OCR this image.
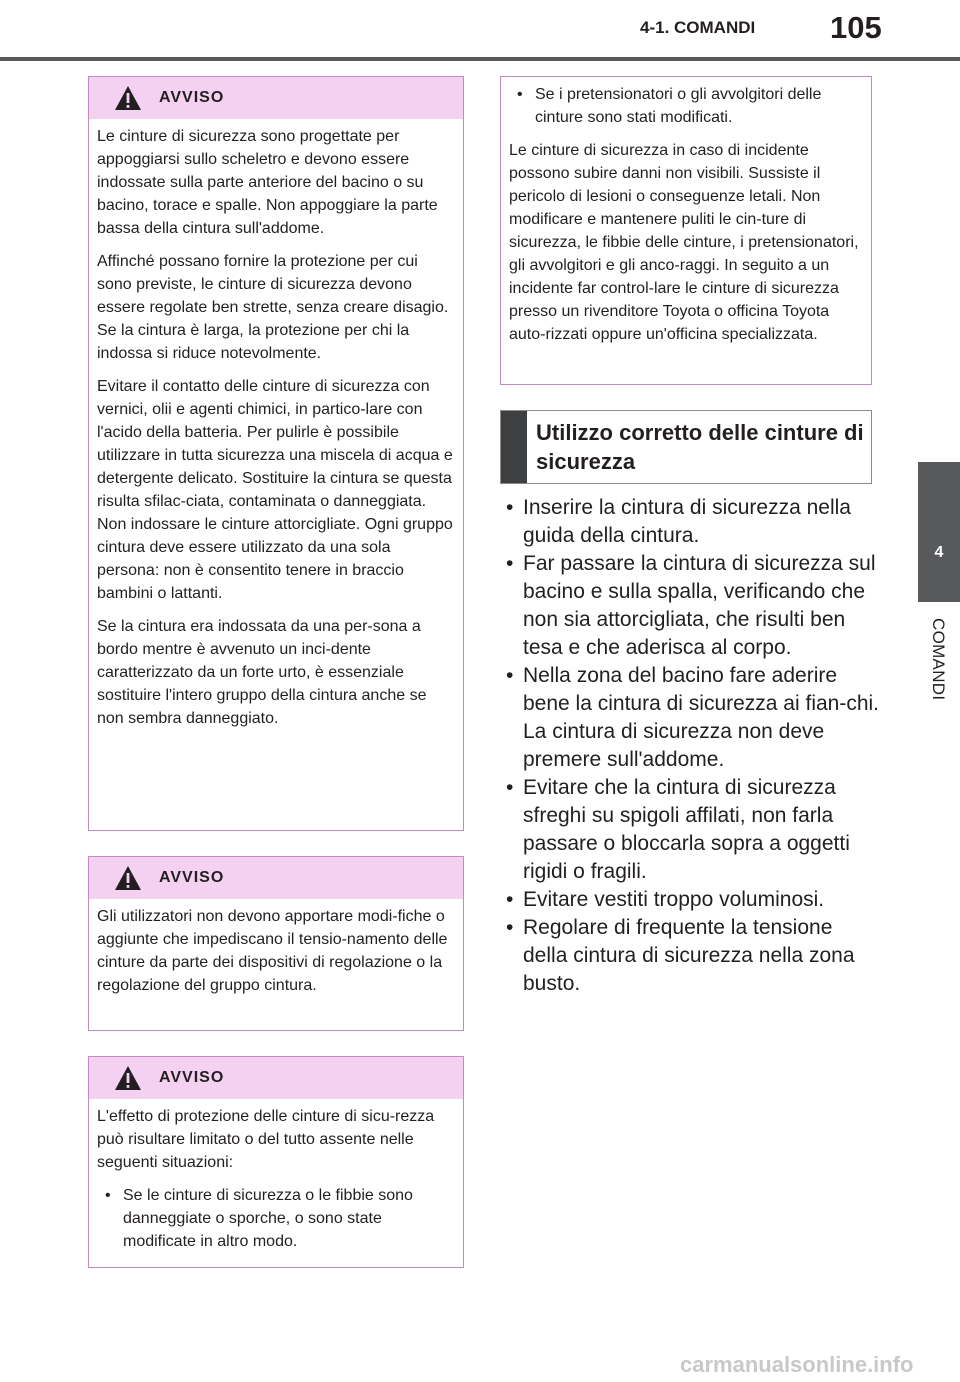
4-1. COMANDI 105
4
COMANDI
AVVISO

Le cinture di sicurezza sono progettate per appoggiarsi sullo scheletro e devono essere indossate sulla parte anteriore del bacino o su bacino, torace e spalle. Non appoggiare la parte bassa della cintura sull'addome.

Affinché possano fornire la protezione per cui sono previste, le cinture di sicurezza devono essere regolate ben strette, senza creare disagio. Se la cintura è larga, la protezione per chi la indossa si riduce notevolmente.

Evitare il contatto delle cinture di sicurezza con vernici, olii e agenti chimici, in partico-lare con l'acido della batteria. Per pulirle è possibile utilizzare in tutta sicurezza una miscela di acqua e detergente delicato. Sostituire la cintura se questa risulta sfilac-ciata, contaminata o danneggiata. Non indossare le cinture attorcigliate. Ogni gruppo cintura deve essere utilizzato da una sola persona: non è consentito tenere in braccio bambini o lattanti.

Se la cintura era indossata da una per-sona a bordo mentre è avvenuto un inci-dente caratterizzato da un forte urto, è essenziale sostituire l'intero gruppo della cintura anche se non sembra danneggiato.

AVVISO

Gli utilizzatori non devono apportare modi-fiche o aggiunte che impediscano il tensio-namento delle cinture da parte dei dispositivi di regolazione o la regolazione del gruppo cintura.

AVVISO

L'effetto di protezione delle cinture di sicu-rezza può risultare limitato o del tutto assente nelle seguenti situazioni:

• Se le cinture di sicurezza o le fibbie sono danneggiate o sporche, o sono state modificate in altro modo.
• Se i pretensionatori o gli avvolgitori delle cinture sono stati modificati.

Le cinture di sicurezza in caso di incidente possono subire danni non visibili. Sussiste il pericolo di lesioni o conseguenze letali. Non modificare e mantenere puliti le cin-ture di sicurezza, le fibbie delle cinture, i pretensionatori, gli avvolgitori e gli anco-raggi. In seguito a un incidente far control-lare le cinture di sicurezza presso un rivenditore Toyota o officina Toyota auto-rizzati oppure un'officina specializzata.

Utilizzo corretto delle cinture di sicurezza
• Inserire la cintura di sicurezza nella guida della cintura.
• Far passare la cintura di sicurezza sul bacino e sulla spalla, verificando che non sia attorcigliata, che risulti ben tesa e che aderisca al corpo.
• Nella zona del bacino fare aderire bene la cintura di sicurezza ai fian-chi. La cintura di sicurezza non deve premere sull'addome.
• Evitare che la cintura di sicurezza sfreghi su spigoli affilati, non farla passare o bloccarla sopra a oggetti rigidi o fragili.
• Evitare vestiti troppo voluminosi.
• Regolare di frequente la tensione della cintura di sicurezza nella zona busto.
carmanualsonline.info
